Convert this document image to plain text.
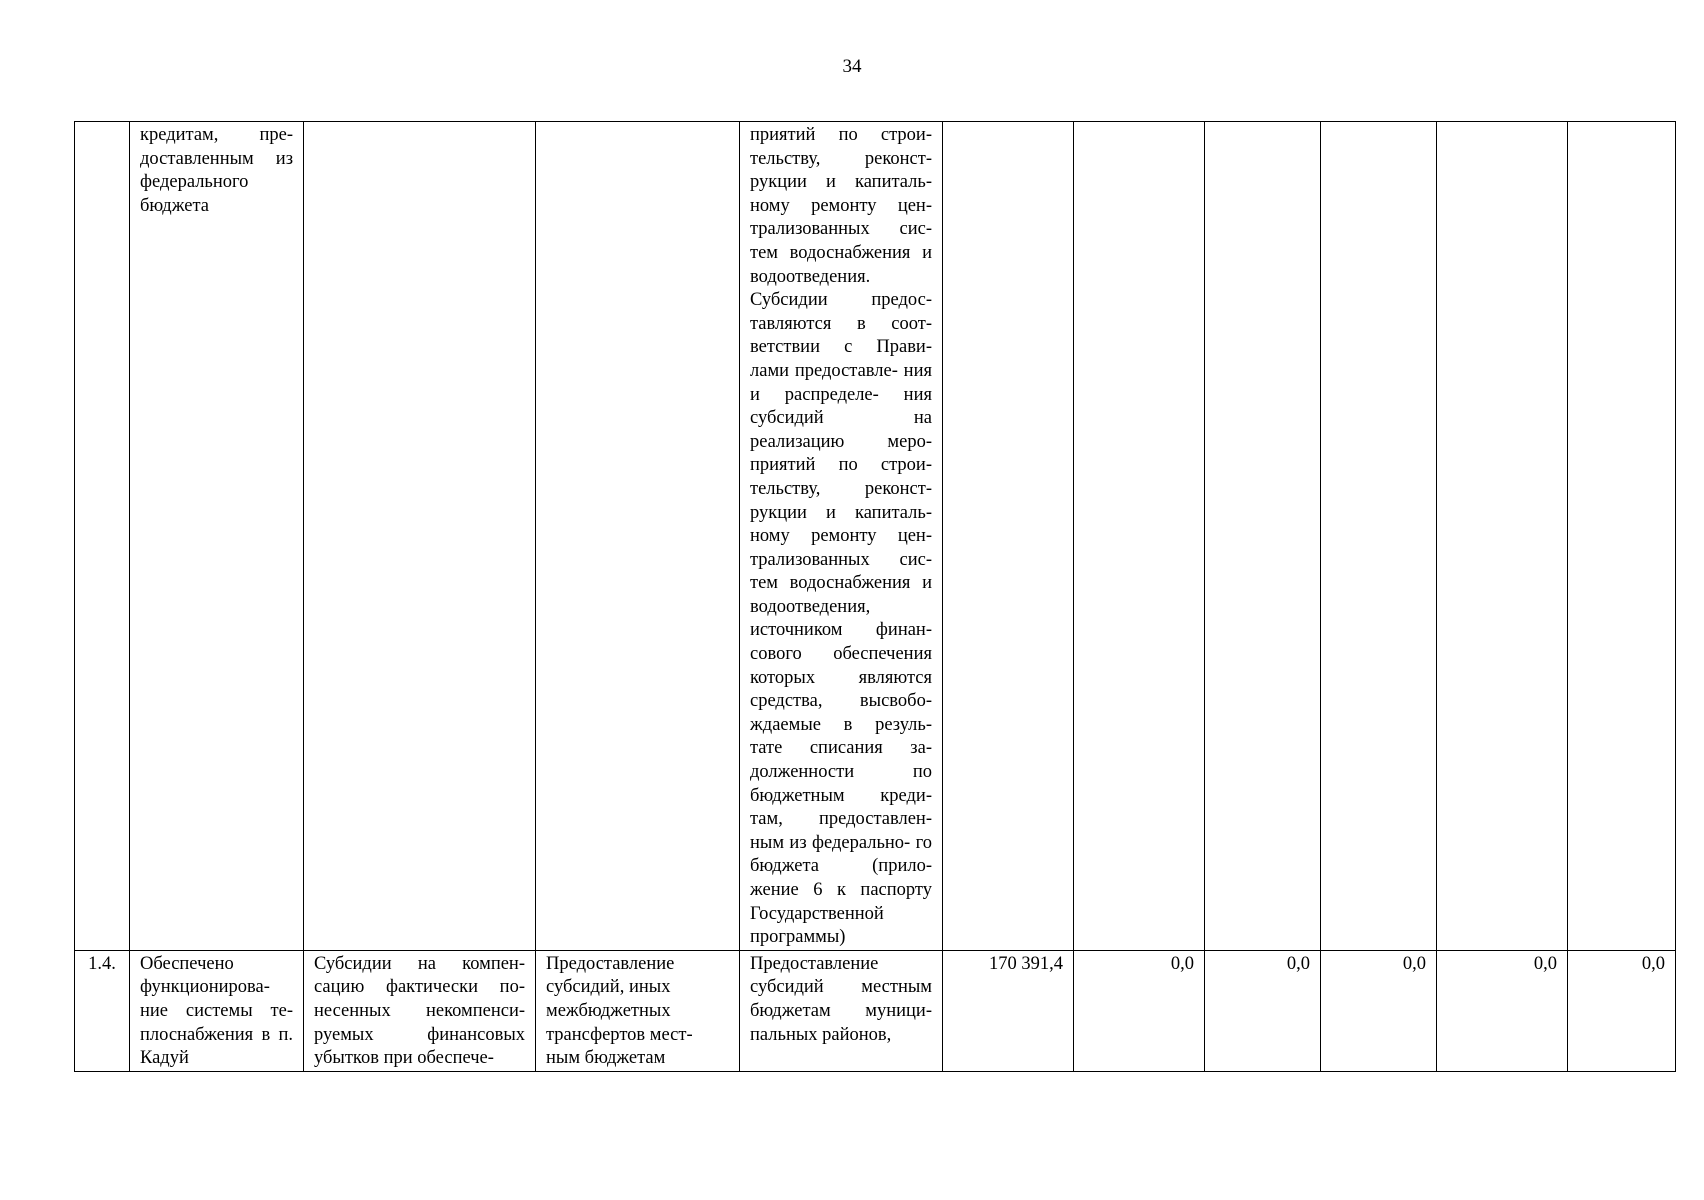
34
	кредитам, пре- доставленным из федерального бюджета			приятий по строи- тельству, реконст- рукции и капиталь- ному ремонту цен- трализованных сис- тем водоснабжения и водоотведения. Субсидии предос- тавляются в соот- ветствии с Прави- лами предоставле- ния и распределе- ния субсидий на реализацию меро- приятий по строи- тельству, реконст- рукции и капиталь- ному ремонту цен- трализованных сис- тем водоснабжения и водоотведения, источником финан- сового обеспечения которых являются средства, высвобо- ждаемые в резуль- тате списания за- долженности по бюджетным креди- там, предоставлен- ным из федерально- го бюджета (прило- жение 6 к паспорту Государственной программы)						
1.4.	Обеспечено функционирова- ние системы те- плоснабжения в п. Кадуй	Субсидии на компен- сацию фактически по- несенных некомпенси- руемых финансовых убытков при обеспече-	Предоставление субсидий, иных межбюджетных трансфертов мест- ным бюджетам	Предоставление субсидий местным бюджетам муници- пальных районов,	170 391,4	0,0	0,0	0,0	0,0	0,0
